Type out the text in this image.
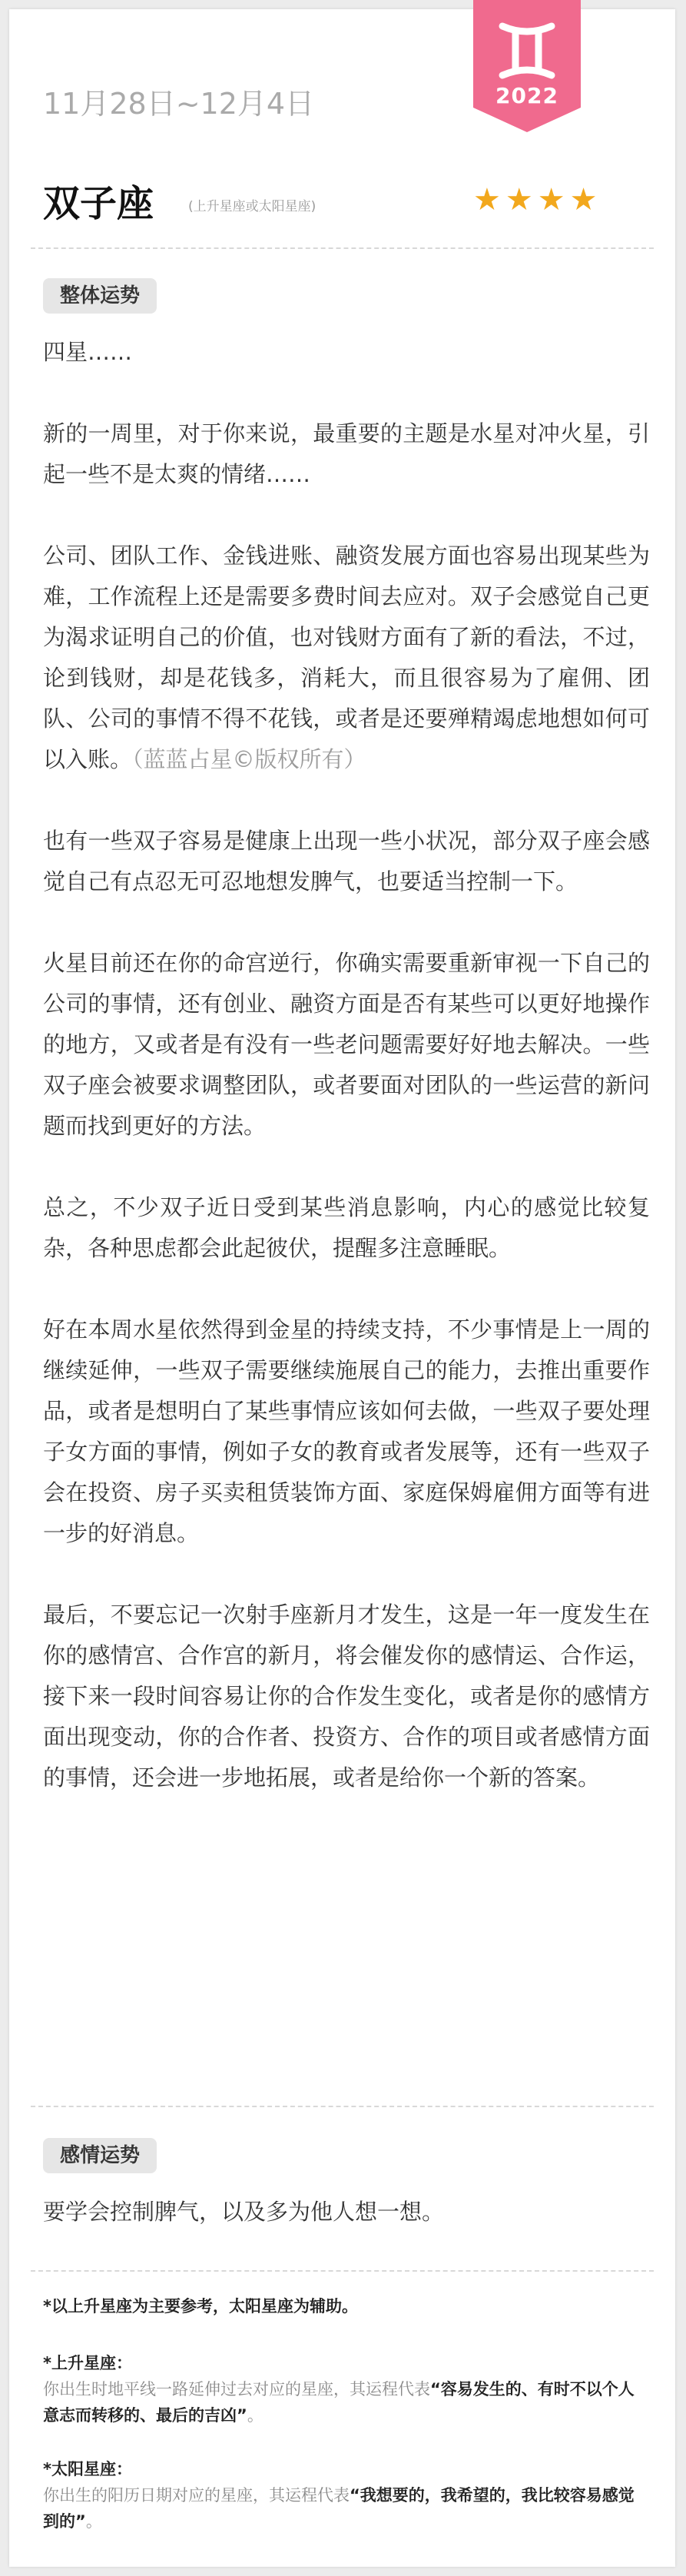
2022
11月28日~12月4日
双子座	(上升星座或太阳星座)	★ ★ ★ ★
整体运势

四星……

新的一周里，对于你来说，最重要的主题是水星对冲火星，引起一些不是太爽的情绪……

公司、团队工作、金钱进账、融资发展方面也容易出现某些为难，工作流程上还是需要多费时间去应对。双子会感觉自己更为渴求证明自己的价值，也对钱财方面有了新的看法，不过，论到钱财，却是花钱多，消耗大，而且很容易为了雇佣、团队、公司的事情不得不花钱，或者是还要殚精竭虑地想如何可以入账。（蓝蓝占星©版权所有）

也有一些双子容易是健康上出现一些小状况，部分双子座会感觉自己有点忍无可忍地想发脾气，也要适当控制一下。

火星目前还在你的命宫逆行，你确实需要重新审视一下自己的公司的事情，还有创业、融资方面是否有某些可以更好地操作的地方，又或者是有没有一些老问题需要好好地去解决。一些双子座会被要求调整团队，或者要面对团队的一些运营的新问题而找到更好的方法。

总之，不少双子近日受到某些消息影响，内心的感觉比较复杂，各种思虑都会此起彼伏，提醒多注意睡眠。

好在本周水星依然得到金星的持续支持，不少事情是上一周的继续延伸，一些双子需要继续施展自己的能力，去推出重要作品，或者是想明白了某些事情应该如何去做，一些双子要处理子女方面的事情，例如子女的教育或者发展等，还有一些双子会在投资、房子买卖租赁装饰方面、家庭保姆雇佣方面等有进一步的好消息。

最后，不要忘记一次射手座新月才发生，这是一年一度发生在你的感情宫、合作宫的新月，将会催发你的感情运、合作运，接下来一段时间容易让你的合作发生变化，或者是你的感情方面出现变动，你的合作者、投资方、合作的项目或者感情方面的事情，还会进一步地拓展，或者是给你一个新的答案。

感情运势

要学会控制脾气，以及多为他人想一想。

*以上升星座为主要参考，太阳星座为辅助。

*上升星座：

你出生时地平线一路延伸过去对应的星座，其运程代表“容易发生的、有时不以个人意志而转移的、最后的吉凶”。

*太阳星座：

你出生的阳历日期对应的星座，其运程代表“我想要的，我希望的，我比较容易感觉到的”。
